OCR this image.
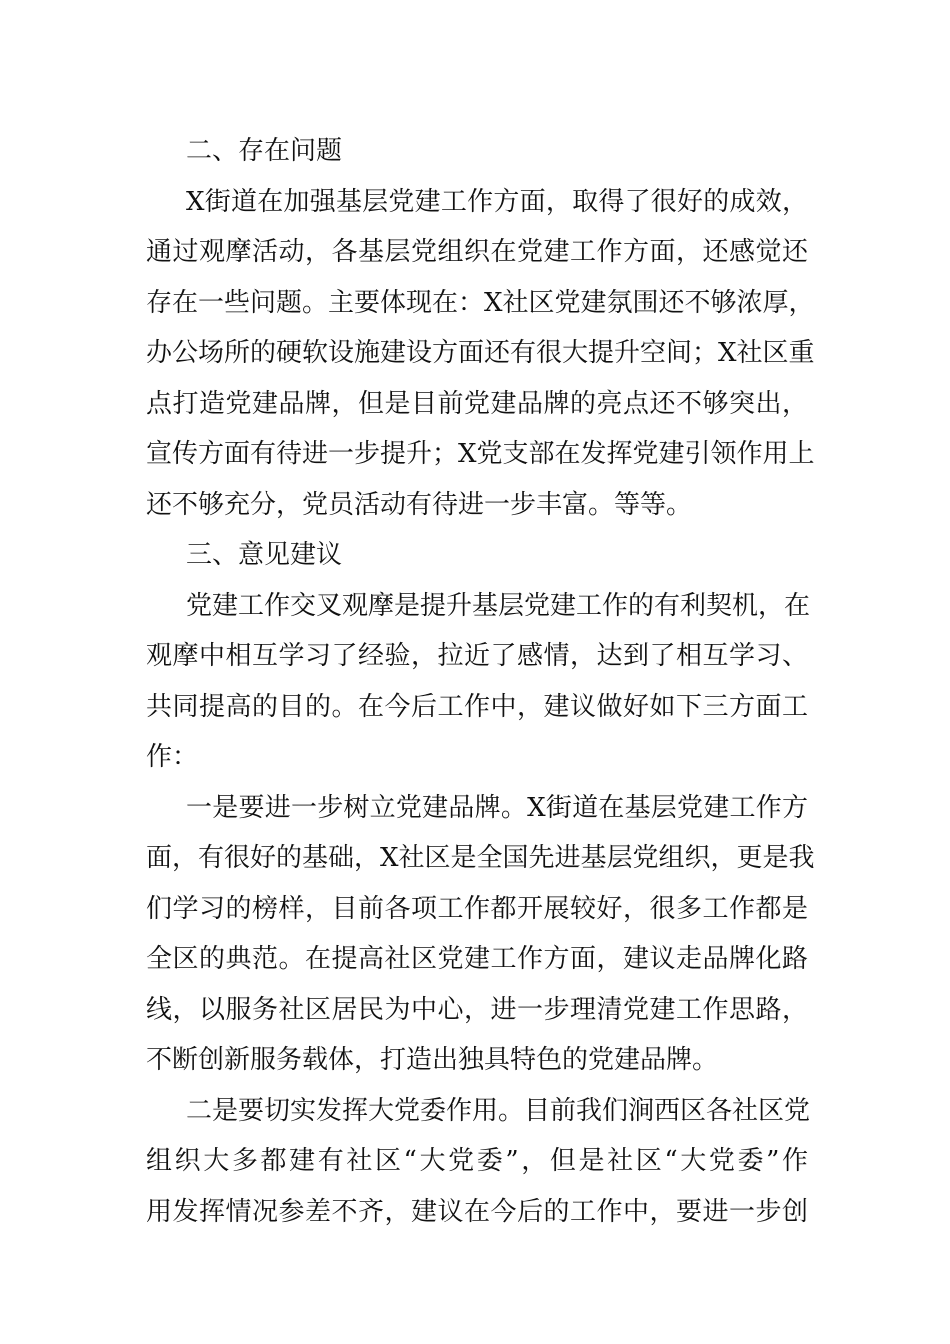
二、存在问题
X街道在加强基层党建工作方面，取得了很好的成效，
通过观摩活动，各基层党组织在党建工作方面，还感觉还
存在一些问题。主要体现在：X社区党建氛围还不够浓厚，
办公场所的硬软设施建设方面还有很大提升空间；X社区重
点打造党建品牌，但是目前党建品牌的亮点还不够突出，
宣传方面有待进一步提升；X党支部在发挥党建引领作用上
还不够充分，党员活动有待进一步丰富。等等。
三、意见建议
党建工作交叉观摩是提升基层党建工作的有利契机，在
观摩中相互学习了经验，拉近了感情，达到了相互学习、
共同提高的目的。在今后工作中，建议做好如下三方面工
作：
一是要进一步树立党建品牌。X街道在基层党建工作方
面，有很好的基础，X社区是全国先进基层党组织，更是我
们学习的榜样，目前各项工作都开展较好，很多工作都是
全区的典范。在提高社区党建工作方面，建议走品牌化路
线，以服务社区居民为中心，进一步理清党建工作思路，
不断创新服务载体，打造出独具特色的党建品牌。
二是要切实发挥大党委作用。目前我们涧西区各社区党
组织大多都建有社区“大党委”，但是社区“大党委”作
用发挥情况参差不齐，建议在今后的工作中，要进一步创
